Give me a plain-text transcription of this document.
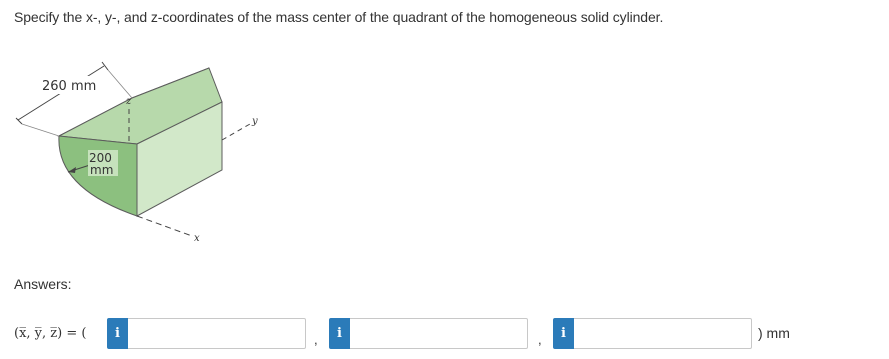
Specify the x-, y-, and z-coordinates of the mass center of the quadrant of the homogeneous solid cylinder.
260 mm
200
mm
z
y
x
Answers:
(x̅, y̅, z̅) = (	i	,	i	,	i	) mm
